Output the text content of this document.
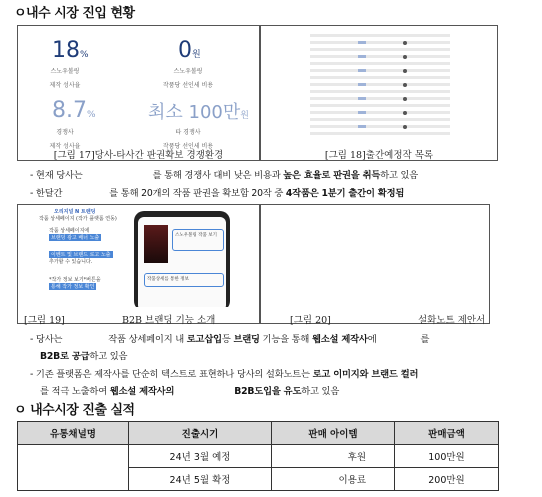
ㅇ내수 시장 진입 현황
18%
스노우볼링
제작 성사율
0원
스노우볼링
작품당 선인세 비용
8.7%
경쟁사
제작 성사율
최소 100만원
타 경쟁사
작품당 선인세 비용
[그림 17]당사-타사간 판권확보 경쟁환경	[그림 18]출간예정작 목록
- 현재 당사는	를 통해 경쟁사 대비 낮은 비용과 높은 효율로 판권을 취득하고 있음
- 한달간	를 통해 20개의 작품 판권을 확보함 20작 중 4작품은 1분기 출간이 확정됨
오리지널 N 트렌딩
작품 상세페이지 (작가 플랫폼 연동)
작품 상세페이지에
브랜딩 광고 배너 노출
이벤트 및 브랜드 로고 노출
추가할 수 있습니다.
*작가 정보 보기*버튼을
통해 작가 정보 확인
스노우볼링 작품 보기
작품상세를 통한 정보
[그림 19]	B2B 브랜딩 기능 소개	[그림 20]	설화노트 제안서
- 당사는	작품 상세페이지 내 로고삽입등 브랜딩 기능을 통해 웹소설 제작사에	를
B2B로 공급하고 있음
- 기존 플랫폼은 제작사를 단순히 텍스트로 표현하나 당사의 설화노트는 로고 이미지와 브랜드 컬러
를 적극 노출하여 웹소설 제작사의	B2B도입을 유도하고 있음
ㅇ 내수시장 진출 실적
유통채널명	진출시기	판매 아이템	판매금액
	24년 3월 예정	후원	100만원
	24년 5월 확정	이용료	200만원
